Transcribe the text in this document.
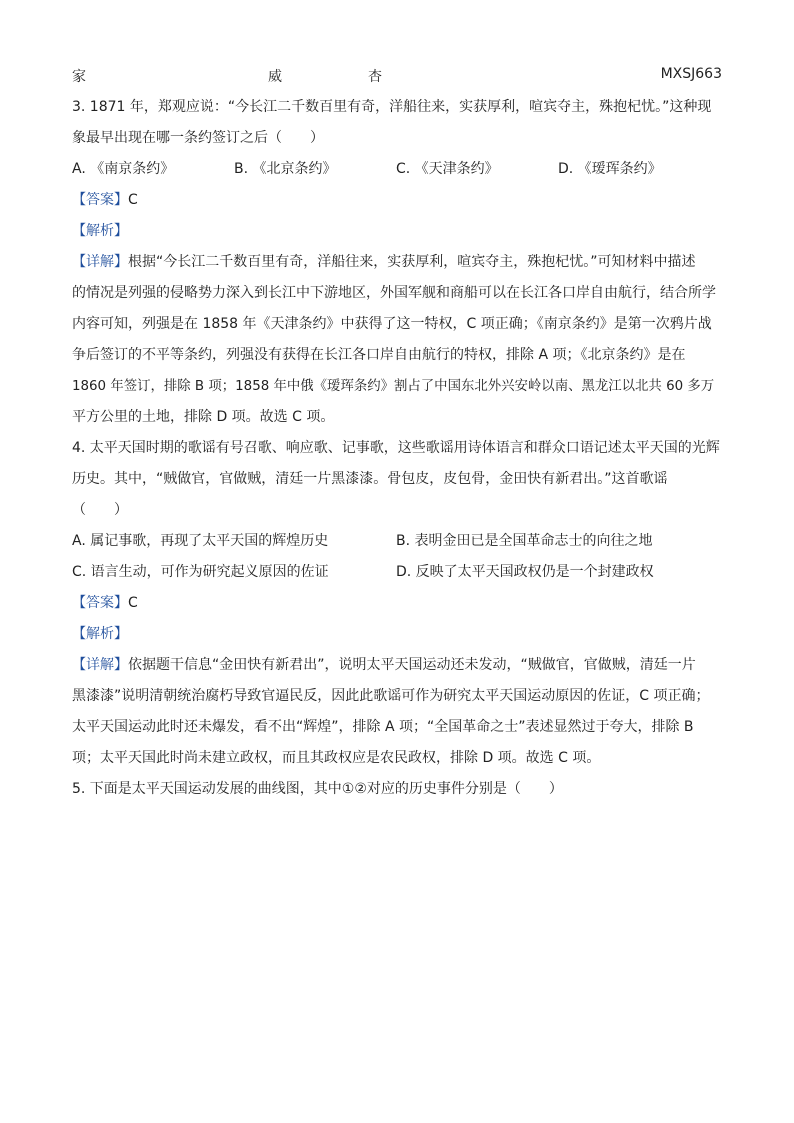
家	威	杏	MXSJ663
3. 1871 年，郑观应说：“今长江二千数百里有奇，洋船往来，实获厚利，喧宾夺主，殊抱杞忧。”这种现
象最早出现在哪一条约签订之后（　　）
A. 《南京条约》	B. 《北京条约》	C. 《天津条约》	D. 《瑷珲条约》
【答案】C
【解析】
【详解】根据“今长江二千数百里有奇，洋船往来，实获厚利，喧宾夺主，殊抱杞忧。”可知材料中描述
的情况是列强的侵略势力深入到长江中下游地区，外国军舰和商船可以在长江各口岸自由航行，结合所学
内容可知，列强是在 1858 年《天津条约》中获得了这一特权，C 项正确；《南京条约》是第一次鸦片战
争后签订的不平等条约，列强没有获得在长江各口岸自由航行的特权，排除 A 项；《北京条约》是在
1860 年签订，排除 B 项；1858 年中俄《瑷珲条约》割占了中国东北外兴安岭以南、黑龙江以北共 60 多万
平方公里的土地，排除 D 项。故选 C 项。
4. 太平天国时期的歌谣有号召歌、响应歌、记事歌，这些歌谣用诗体语言和群众口语记述太平天国的光辉
历史。其中，“贼做官，官做贼，清廷一片黑漆漆。骨包皮，皮包骨，金田快有新君出。”这首歌谣
（　　）
A. 属记事歌，再现了太平天国的辉煌历史	B. 表明金田已是全国革命志士的向往之地
C. 语言生动，可作为研究起义原因的佐证	D. 反映了太平天国政权仍是一个封建政权
【答案】C
【解析】
【详解】依据题干信息“金田快有新君出”，说明太平天国运动还未发动，“贼做官，官做贼，清廷一片
黑漆漆”说明清朝统治腐朽导致官逼民反，因此此歌谣可作为研究太平天国运动原因的佐证，C 项正确；
太平天国运动此时还未爆发，看不出“辉煌”，排除 A 项；“全国革命之士”表述显然过于夸大，排除 B
项；太平天国此时尚未建立政权，而且其政权应是农民政权，排除 D 项。故选 C 项。
5. 下面是太平天国运动发展的曲线图，其中①②对应的历史事件分别是（　　）
